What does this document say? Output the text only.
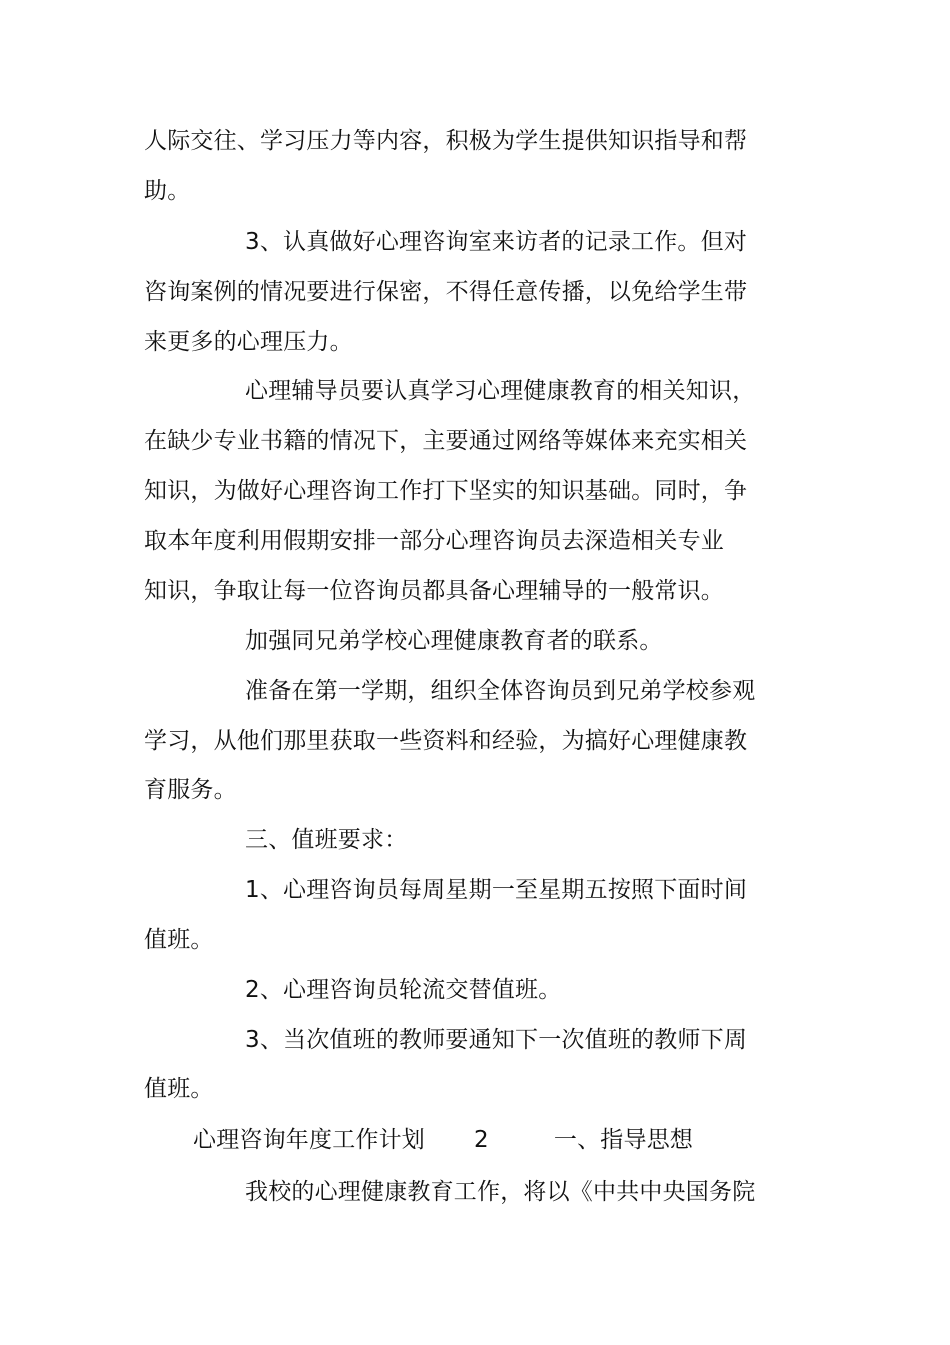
人际交往、学习压力等内容，积极为学生提供知识指导和帮
助。
3、认真做好心理咨询室来访者的记录工作。但对
咨询案例的情况要进行保密，不得任意传播，以免给学生带
来更多的心理压力。
心理辅导员要认真学习心理健康教育的相关知识，
在缺少专业书籍的情况下，主要通过网络等媒体来充实相关
知识，为做好心理咨询工作打下坚实的知识基础。同时，争
取本年度利用假期安排一部分心理咨询员去深造相关专业
知识，争取让每一位咨询员都具备心理辅导的一般常识。
加强同兄弟学校心理健康教育者的联系。
准备在第一学期，组织全体咨询员到兄弟学校参观
学习，从他们那里获取一些资料和经验，为搞好心理健康教
育服务。
三、值班要求：
1、心理咨询员每周星期一至星期五按照下面时间
值班。
2、心理咨询员轮流交替值班。
3、当次值班的教师要通知下一次值班的教师下周
值班。
心理咨询年度工作计划 2	一、指导思想
我校的心理健康教育工作，将以《中共中央国务院
